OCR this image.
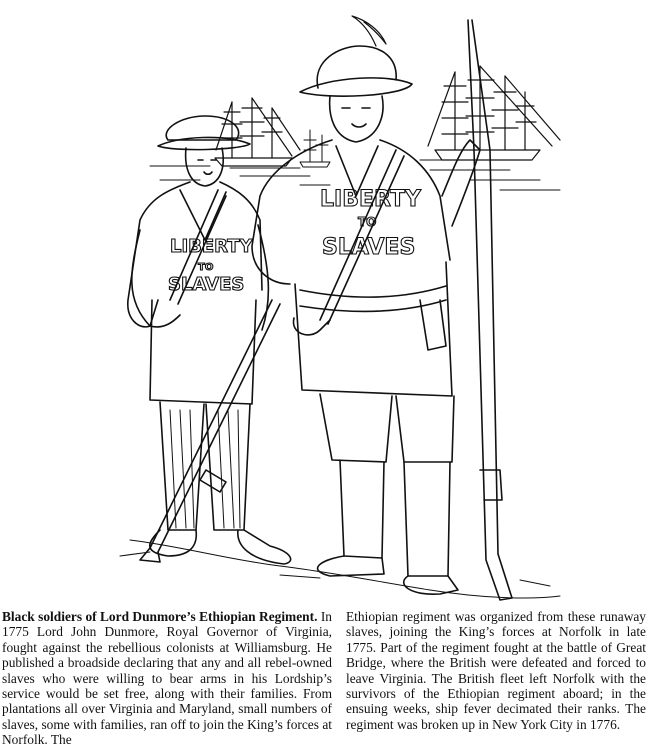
LIBERTY
TO
SLAVES
LIBERTY
TO
SLAVES
Black soldiers of Lord Dunmore’s Ethiopian Regiment. In 1775 Lord John Dunmore, Royal Governor of Virginia, fought against the rebellious colonists at Williamsburg. He published a broadside declaring that any and all rebel-owned slaves who were willing to bear arms in his Lordship’s service would be set free, along with their families. From plantations all over Virginia and Maryland, small numbers of slaves, some with families, ran off to join the King’s forces at Norfolk. The
Ethiopian regiment was organized from these runaway slaves, joining the King’s forces at Norfolk in late 1775. Part of the regiment fought at the battle of Great Bridge, where the British were defeated and forced to leave Virginia. The British fleet left Norfolk with the survivors of the Ethiopian regiment aboard; in the ensuing weeks, ship fever decimated their ranks. The regiment was broken up in New York City in 1776.
